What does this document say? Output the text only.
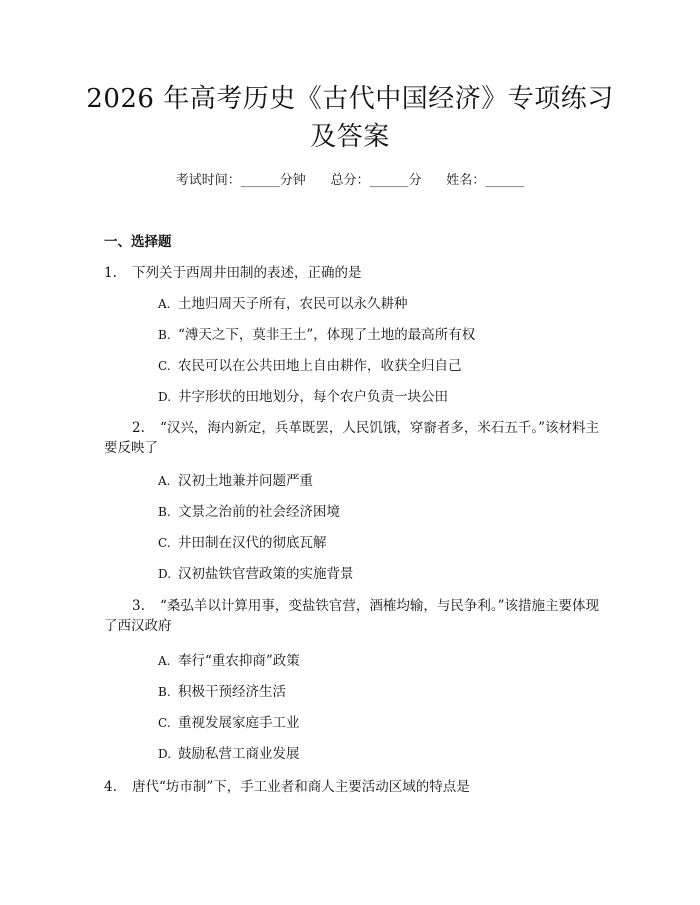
2026 年高考历史《古代中国经济》专项练习
及答案
考试时间：______分钟      总分：______分      姓名：______
一、选择题
1.	下列关于西周井田制的表述，正确的是
A. 土地归周天子所有，农民可以永久耕种
B. “溥天之下，莫非王土”，体现了土地的最高所有权
C. 农民可以在公共田地上自由耕作，收获全归自己
D. 井字形状的田地划分，每个农户负责一块公田
2. “汉兴，海内新定，兵革既罢，人民饥饿，穿窬者多，米石五千。”该材料主要反映了
A. 汉初土地兼并问题严重
B. 文景之治前的社会经济困境
C. 井田制在汉代的彻底瓦解
D. 汉初盐铁官营政策的实施背景
3. “桑弘羊以计算用事，变盐铁官营，酒榷均输，与民争利。”该措施主要体现了西汉政府
A. 奉行“重农抑商”政策
B. 积极干预经济生活
C. 重视发展家庭手工业
D. 鼓励私营工商业发展
4.	唐代“坊市制”下，手工业者和商人主要活动区域的特点是
